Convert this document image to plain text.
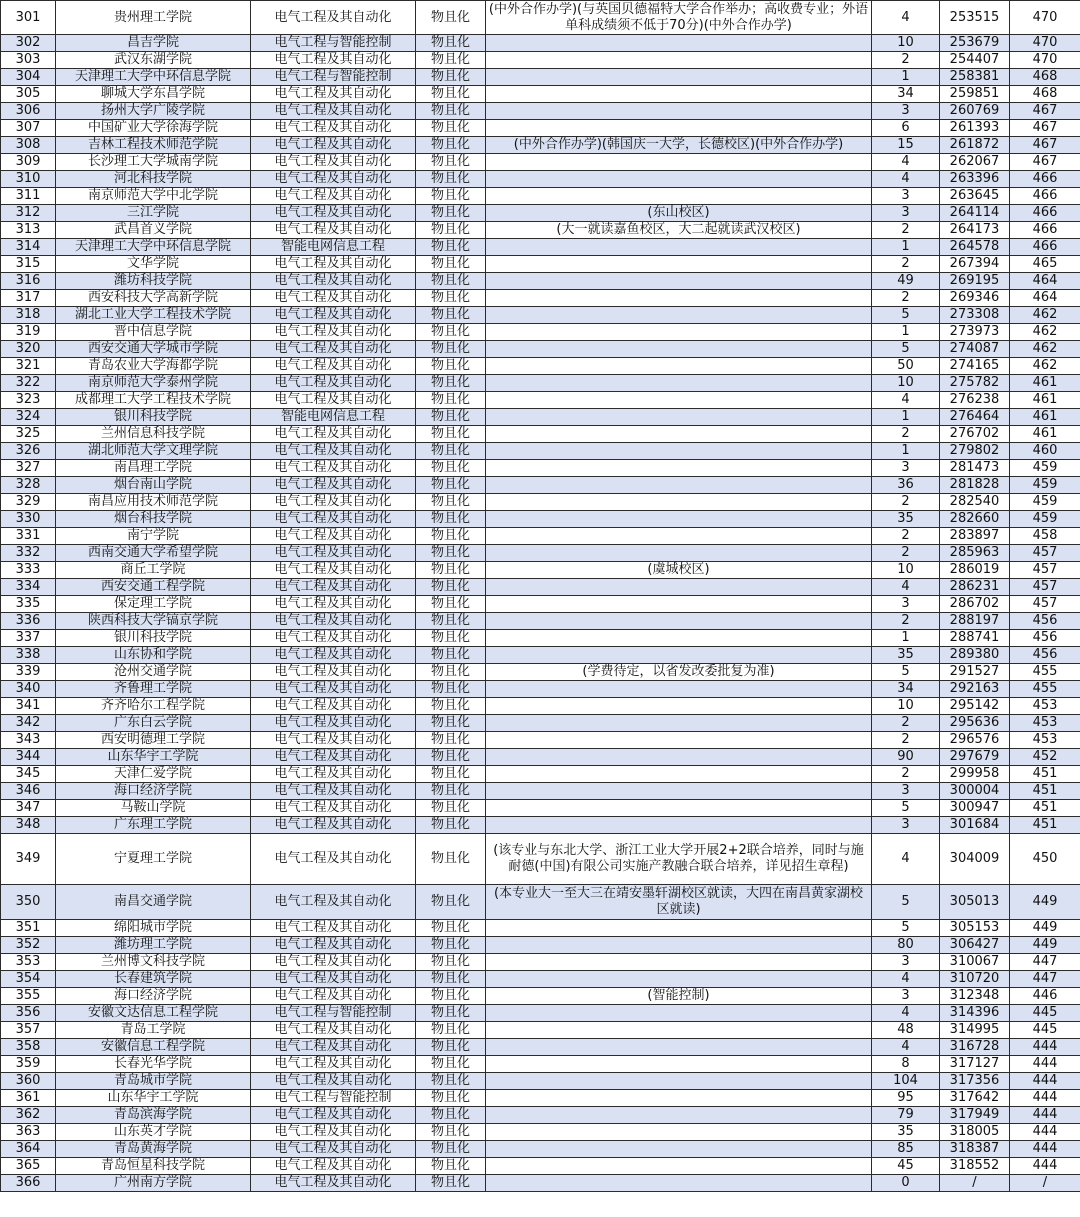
301	贵州理工学院	电气工程及其自动化	物且化	(中外合作办学)(与英国贝德福特大学合作举办；高收费专业；外语单科成绩须不低于70分)(中外合作办学)	4	253515	470
302	昌吉学院	电气工程与智能控制	物且化		10	253679	470
303	武汉东湖学院	电气工程及其自动化	物且化		2	254407	470
304	天津理工大学中环信息学院	电气工程与智能控制	物且化		1	258381	468
305	聊城大学东昌学院	电气工程及其自动化	物且化		34	259851	468
306	扬州大学广陵学院	电气工程及其自动化	物且化		3	260769	467
307	中国矿业大学徐海学院	电气工程及其自动化	物且化		6	261393	467
308	吉林工程技术师范学院	电气工程及其自动化	物且化	(中外合作办学)(韩国庆一大学，长德校区)(中外合作办学)	15	261872	467
309	长沙理工大学城南学院	电气工程及其自动化	物且化		4	262067	467
310	河北科技学院	电气工程及其自动化	物且化		4	263396	466
311	南京师范大学中北学院	电气工程及其自动化	物且化		3	263645	466
312	三江学院	电气工程及其自动化	物且化	(东山校区)	3	264114	466
313	武昌首义学院	电气工程及其自动化	物且化	(大一就读嘉鱼校区，大二起就读武汉校区)	2	264173	466
314	天津理工大学中环信息学院	智能电网信息工程	物且化		1	264578	466
315	文华学院	电气工程及其自动化	物且化		2	267394	465
316	潍坊科技学院	电气工程及其自动化	物且化		49	269195	464
317	西安科技大学高新学院	电气工程及其自动化	物且化		2	269346	464
318	湖北工业大学工程技术学院	电气工程及其自动化	物且化		5	273308	462
319	晋中信息学院	电气工程及其自动化	物且化		1	273973	462
320	西安交通大学城市学院	电气工程及其自动化	物且化		5	274087	462
321	青岛农业大学海都学院	电气工程及其自动化	物且化		50	274165	462
322	南京师范大学泰州学院	电气工程及其自动化	物且化		10	275782	461
323	成都理工大学工程技术学院	电气工程及其自动化	物且化		4	276238	461
324	银川科技学院	智能电网信息工程	物且化		1	276464	461
325	兰州信息科技学院	电气工程及其自动化	物且化		2	276702	461
326	湖北师范大学文理学院	电气工程及其自动化	物且化		1	279802	460
327	南昌理工学院	电气工程及其自动化	物且化		3	281473	459
328	烟台南山学院	电气工程及其自动化	物且化		36	281828	459
329	南昌应用技术师范学院	电气工程及其自动化	物且化		2	282540	459
330	烟台科技学院	电气工程及其自动化	物且化		35	282660	459
331	南宁学院	电气工程及其自动化	物且化		2	283897	458
332	西南交通大学希望学院	电气工程及其自动化	物且化		2	285963	457
333	商丘工学院	电气工程及其自动化	物且化	(虞城校区)	10	286019	457
334	西安交通工程学院	电气工程及其自动化	物且化		4	286231	457
335	保定理工学院	电气工程及其自动化	物且化		3	286702	457
336	陕西科技大学镐京学院	电气工程及其自动化	物且化		2	288197	456
337	银川科技学院	电气工程及其自动化	物且化		1	288741	456
338	山东协和学院	电气工程及其自动化	物且化		35	289380	456
339	沧州交通学院	电气工程及其自动化	物且化	(学费待定，以省发改委批复为准)	5	291527	455
340	齐鲁理工学院	电气工程及其自动化	物且化		34	292163	455
341	齐齐哈尔工程学院	电气工程及其自动化	物且化		10	295142	453
342	广东白云学院	电气工程及其自动化	物且化		2	295636	453
343	西安明德理工学院	电气工程及其自动化	物且化		2	296576	453
344	山东华宇工学院	电气工程及其自动化	物且化		90	297679	452
345	天津仁爱学院	电气工程及其自动化	物且化		2	299958	451
346	海口经济学院	电气工程及其自动化	物且化		3	300004	451
347	马鞍山学院	电气工程及其自动化	物且化		5	300947	451
348	广东理工学院	电气工程及其自动化	物且化		3	301684	451
349	宁夏理工学院	电气工程及其自动化	物且化	(该专业与东北大学、浙江工业大学开展2+2联合培养，同时与施耐德(中国)有限公司实施产教融合联合培养，详见招生章程)	4	304009	450
350	南昌交通学院	电气工程及其自动化	物且化	(本专业大一至大三在靖安墨轩湖校区就读，大四在南昌黄家湖校区就读)	5	305013	449
351	绵阳城市学院	电气工程及其自动化	物且化		5	305153	449
352	潍坊理工学院	电气工程及其自动化	物且化		80	306427	449
353	兰州博文科技学院	电气工程及其自动化	物且化		3	310067	447
354	长春建筑学院	电气工程及其自动化	物且化		4	310720	447
355	海口经济学院	电气工程及其自动化	物且化	(智能控制)	3	312348	446
356	安徽文达信息工程学院	电气工程与智能控制	物且化		4	314396	445
357	青岛工学院	电气工程及其自动化	物且化		48	314995	445
358	安徽信息工程学院	电气工程及其自动化	物且化		4	316728	444
359	长春光华学院	电气工程及其自动化	物且化		8	317127	444
360	青岛城市学院	电气工程及其自动化	物且化		104	317356	444
361	山东华宇工学院	电气工程与智能控制	物且化		95	317642	444
362	青岛滨海学院	电气工程及其自动化	物且化		79	317949	444
363	山东英才学院	电气工程及其自动化	物且化		35	318005	444
364	青岛黄海学院	电气工程及其自动化	物且化		85	318387	444
365	青岛恒星科技学院	电气工程及其自动化	物且化		45	318552	444
366	广州南方学院	电气工程及其自动化	物且化		0	/	/
